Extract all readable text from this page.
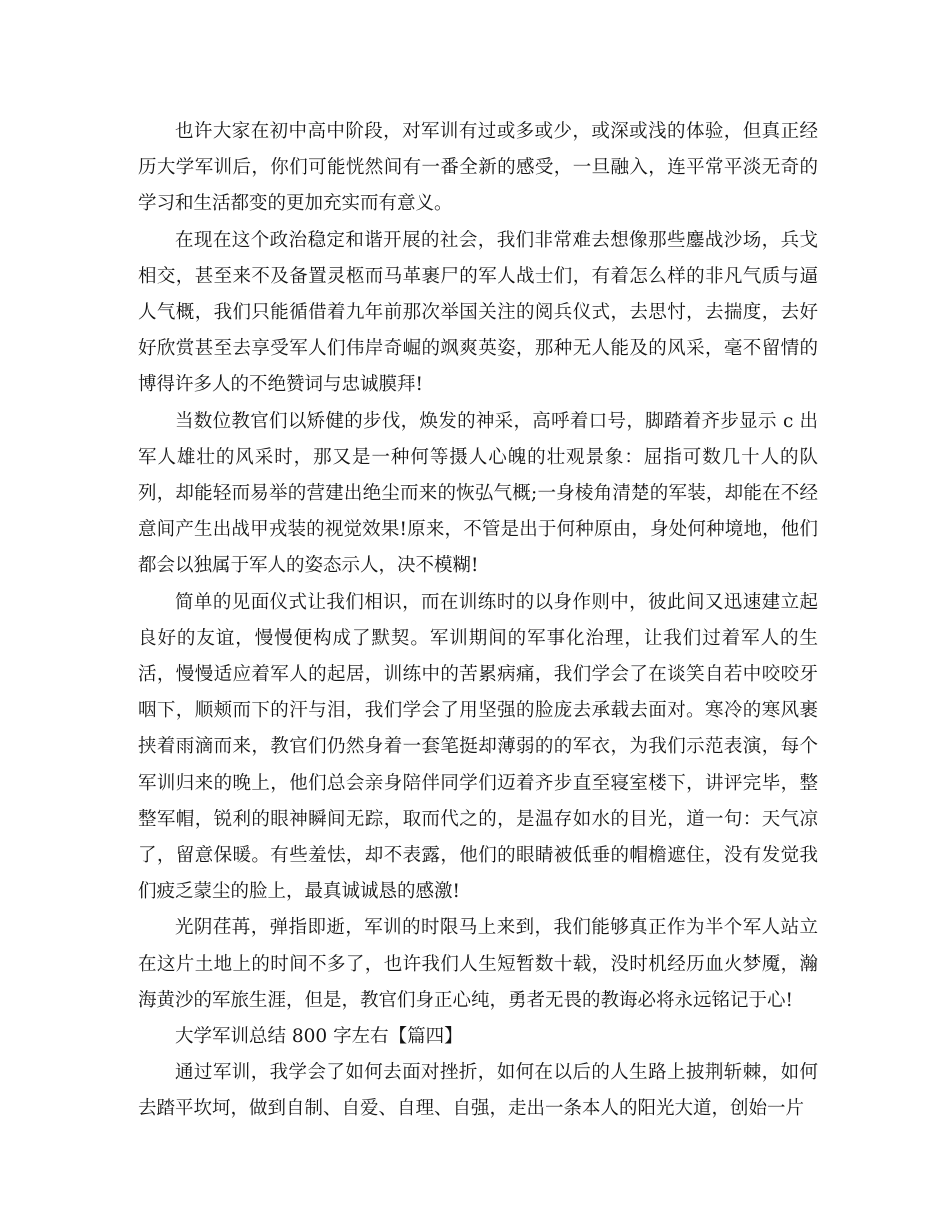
也许大家在初中高中阶段，对军训有过或多或少，或深或浅的体验，但真正经历大学军训后，你们可能恍然间有一番全新的感受，一旦融入，连平常平淡无奇的学习和生活都变的更加充实而有意义。

在现在这个政治稳定和谐开展的社会，我们非常难去想像那些鏖战沙场，兵戈相交，甚至来不及备置灵柩而马革裹尸的军人战士们，有着怎么样的非凡气质与逼人气概，我们只能循借着九年前那次举国关注的阅兵仪式，去思忖，去揣度，去好好欣赏甚至去享受军人们伟岸奇崛的飒爽英姿，那种无人能及的风采，毫不留情的博得许多人的不绝赞词与忠诚膜拜!

当数位教官们以矫健的步伐，焕发的神采，高呼着口号，脚踏着齐步显示 c 出军人雄壮的风采时，那又是一种何等摄人心魄的壮观景象：屈指可数几十人的队列，却能轻而易举的营建出绝尘而来的恢弘气概;一身棱角清楚的军装，却能在不经意间产生出战甲戎装的视觉效果!原来，不管是出于何种原由，身处何种境地，他们都会以独属于军人的姿态示人，决不模糊!

简单的见面仪式让我们相识，而在训练时的以身作则中，彼此间又迅速建立起良好的友谊，慢慢便构成了默契。军训期间的军事化治理，让我们过着军人的生活，慢慢适应着军人的起居，训练中的苦累病痛，我们学会了在谈笑自若中咬咬牙咽下，顺颊而下的汗与泪，我们学会了用坚强的脸庞去承载去面对。寒冷的寒风裹挟着雨滴而来，教官们仍然身着一套笔挺却薄弱的的军衣，为我们示范表演，每个军训归来的晚上，他们总会亲身陪伴同学们迈着齐步直至寝室楼下，讲评完毕，整整军帽，锐利的眼神瞬间无踪，取而代之的，是温存如水的目光，道一句：天气凉了，留意保暖。有些羞怯，却不表露，他们的眼睛被低垂的帽檐遮住，没有发觉我们疲乏蒙尘的脸上，最真诚诚恳的感激!

光阴荏苒，弹指即逝，军训的时限马上来到，我们能够真正作为半个军人站立在这片土地上的时间不多了，也许我们人生短暂数十载，没时机经历血火梦魇，瀚海黄沙的军旅生涯，但是，教官们身正心纯，勇者无畏的教诲必将永远铭记于心!

大学军训总结 800 字左右【篇四】

通过军训，我学会了如何去面对挫折，如何在以后的人生路上披荆斩棘，如何去踏平坎坷，做到自制、自爱、自理、自强，走出一条本人的阳光大道，创始一片
